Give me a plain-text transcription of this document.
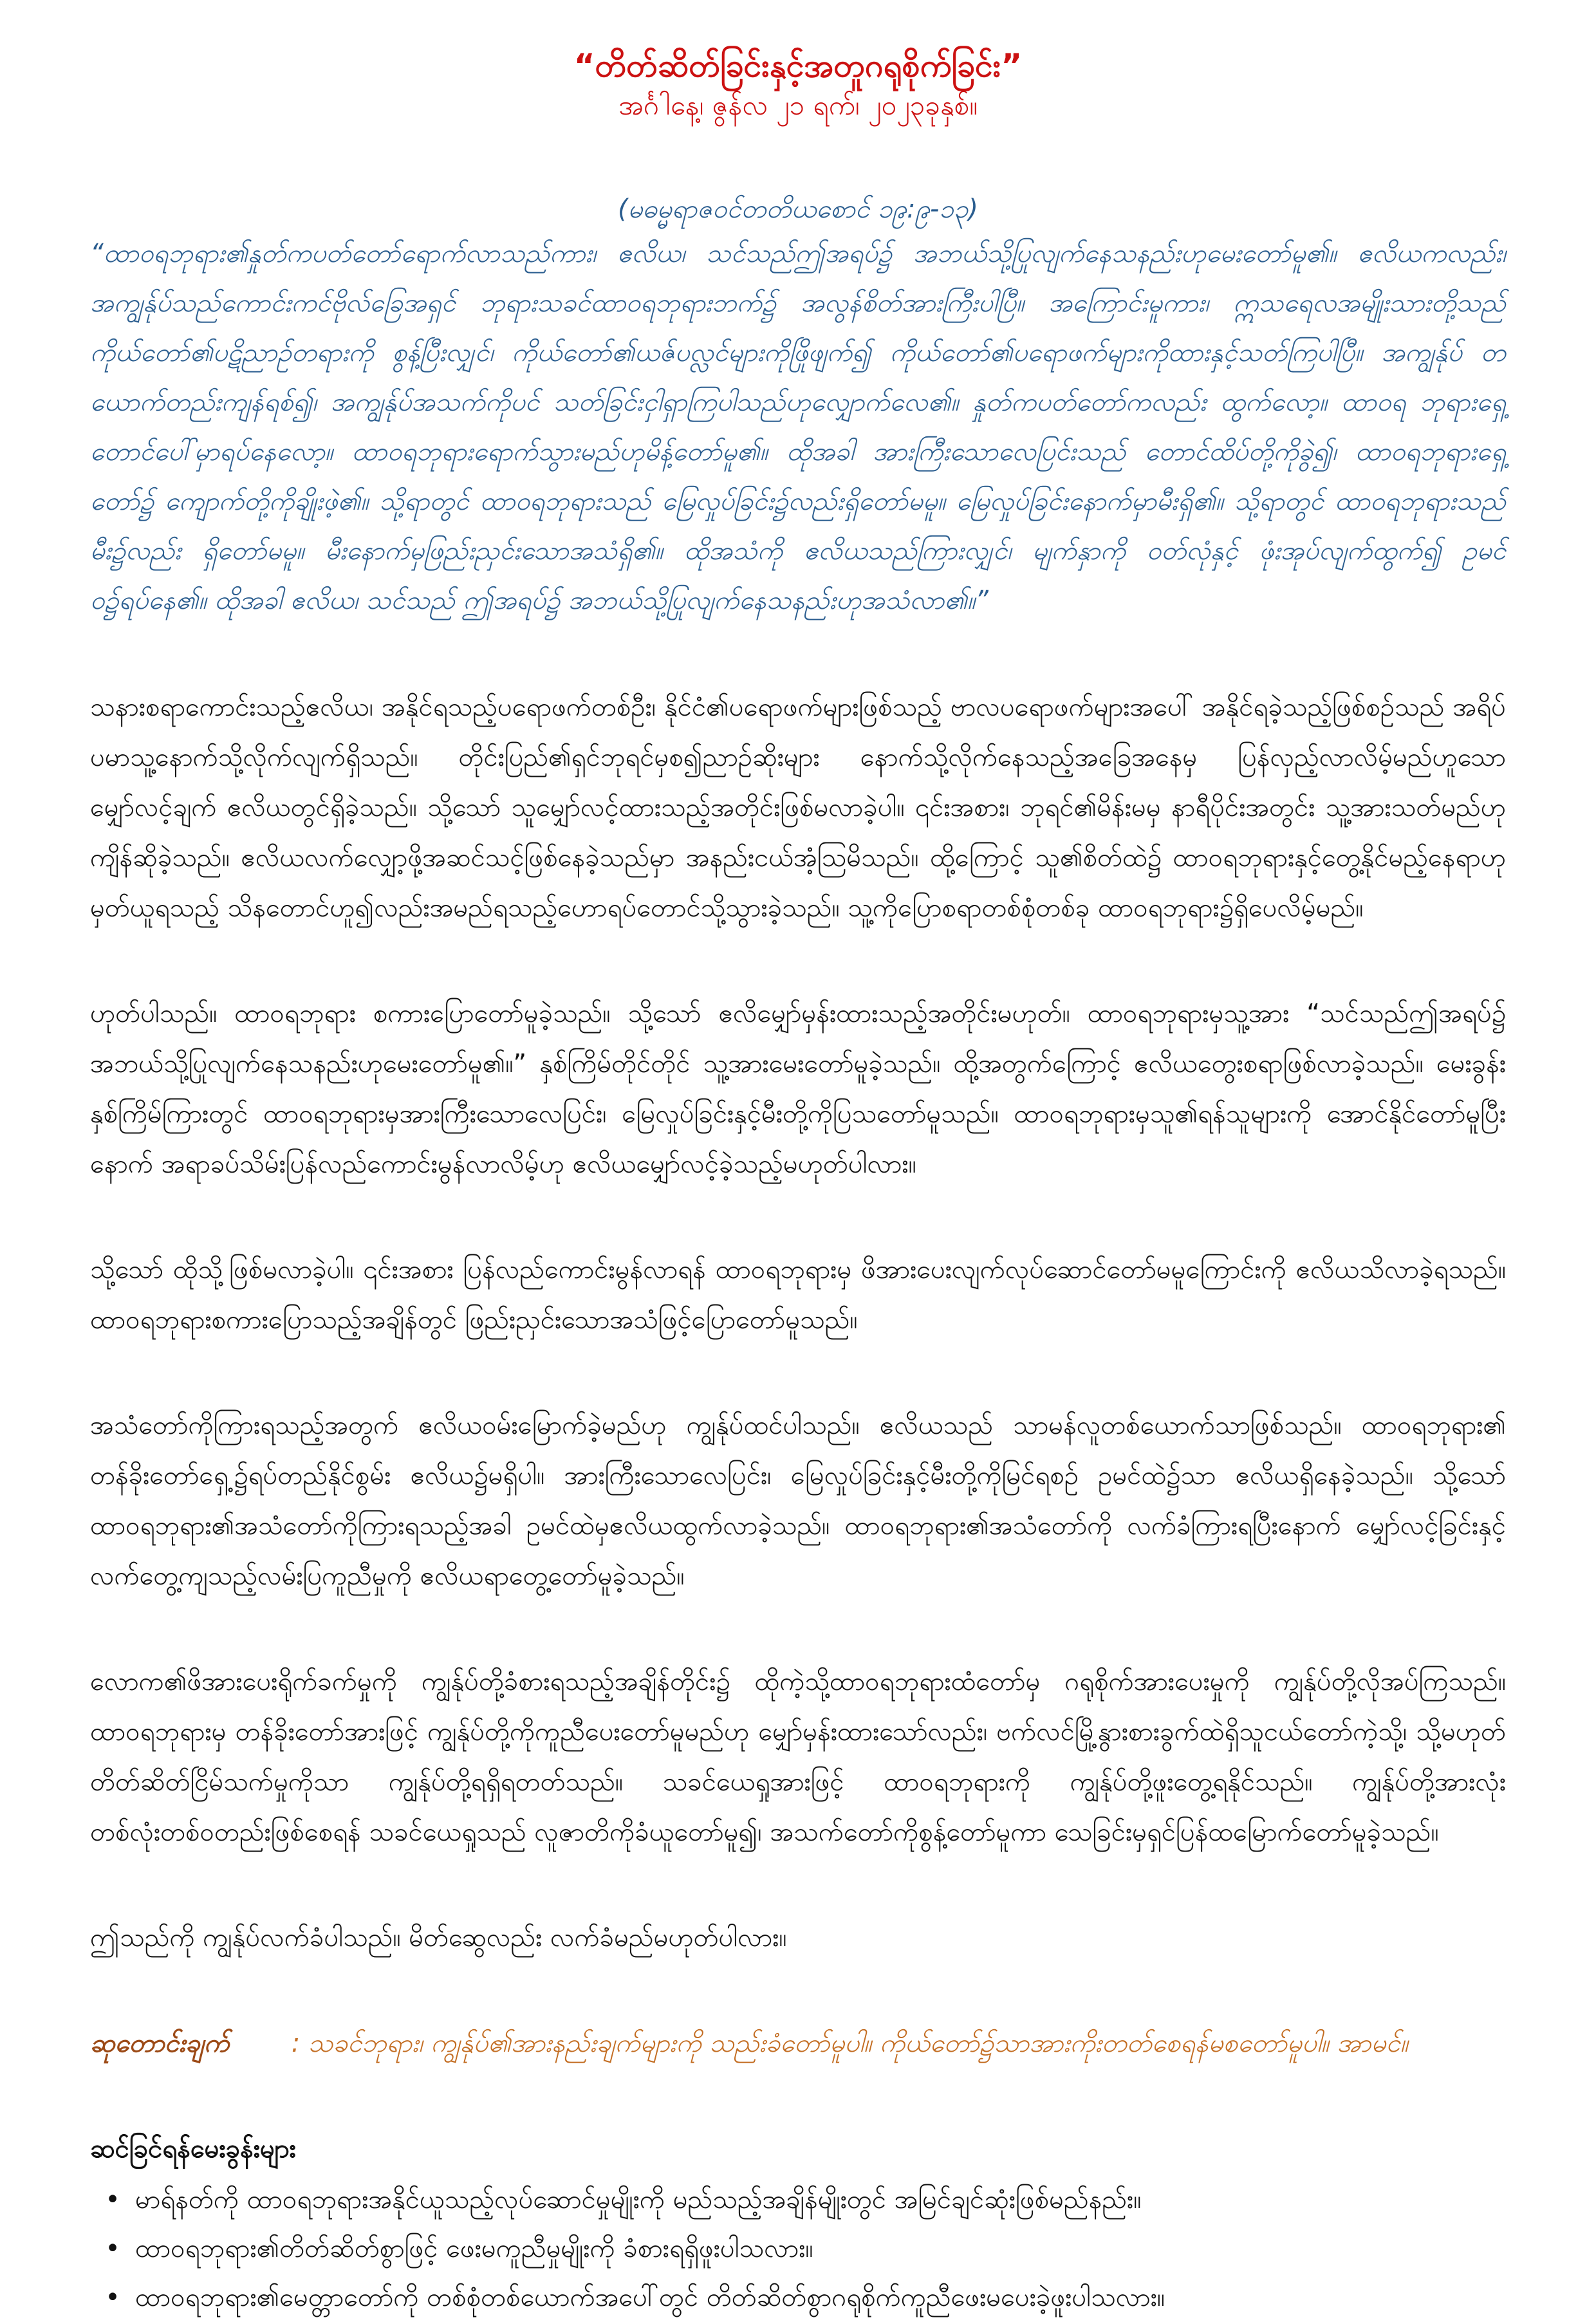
“တိတ်ဆိတ်ခြင်းနှင့်အတူဂရုစိုက်ခြင်း”

အင်္ဂါနေ့၊ ဇွန်လ ၂၁ ရက်၊ ၂၀၂၃ခုနှစ်။

(မဓမ္မရာဇဝင်တတိယစောင် ၁၉:၉-၁၃)

“ထာဝရဘုရား၏နှုတ်ကပတ်တော်ရောက်လာသည်ကား၊ ဧလိယ၊ သင်သည်ဤအရပ်၌ အဘယ်သို့ပြုလျက်နေသနည်းဟုမေးတော်မူ၏။ ဧလိယကလည်း၊ အကျွန်ုပ်သည်ကောင်းကင်ဗိုလ်ခြေအရှင် ဘုရားသခင်ထာဝရဘုရားဘက်၌ အလွန်စိတ်အားကြီးပါပြီ။ အကြောင်းမူကား၊ ဣသရေလအမျိုးသားတို့သည် ကိုယ်တော်၏ပဋိညာဉ်တရားကို စွန့်ပြီးလျှင်၊ ကိုယ်တော်၏ယဇ်ပလ္လင်များကိုဖြိုဖျက်၍ ကိုယ်တော်၏ပရောဖက်များကိုထားနှင့်သတ်ကြပါပြီ။ အကျွန်ုပ် တယောက်တည်းကျန်ရစ်၍၊ အကျွန်ုပ်အသက်ကိုပင် သတ်ခြင်းငှါရှာကြပါသည်ဟုလျှောက်လေ၏။ နှုတ်ကပတ်တော်ကလည်း ထွက်လော့။ ထာဝရ ဘုရားရှေ့တောင်ပေါ်မှာရပ်နေလော့။ ထာဝရဘုရားရောက်သွားမည်ဟုမိန့်တော်မူ၏။ ထိုအခါ အားကြီးသောလေပြင်းသည် တောင်ထိပ်တို့ကိုခွဲ၍၊ ထာဝရဘုရားရှေ့တော်၌ ကျောက်တို့ကိုချိုးဖဲ့၏။ သို့ရာတွင် ထာဝရဘုရားသည် မြေလှုပ်ခြင်း၌လည်းရှိတော်မမူ။ မြေလှုပ်ခြင်းနောက်မှာမီးရှိ၏။ သို့ရာတွင် ထာဝရဘုရားသည်မီး၌လည်း ရှိတော်မမူ။ မီးနောက်မှဖြည်းညှင်းသောအသံရှိ၏။ ထိုအသံကို ဧလိယသည်ကြားလျှင်၊ မျက်နှာကို ဝတ်လုံနှင့် ဖုံးအုပ်လျက်ထွက်၍ ဥမင်ဝ၌ရပ်နေ၏။ ထိုအခါ ဧလိယ၊ သင်သည် ဤအရပ်၌ အဘယ်သို့ပြုလျက်နေသနည်းဟုအသံလာ၏။”

သနားစရာကောင်းသည့်ဧလိယ၊ အနိုင်ရသည့်ပရောဖက်တစ်ဦး၊ နိုင်ငံ၏ပရောဖက်များဖြစ်သည့် ဗာလပရောဖက်များအပေါ် အနိုင်ရခဲ့သည့်ဖြစ်စဉ်သည် အရိပ်ပမာသူ့နောက်သို့လိုက်လျက်ရှိသည်။ တိုင်းပြည်၏ရှင်ဘုရင်မှစ၍ညာဉ်ဆိုးများ နောက်သို့လိုက်နေသည့်အခြေအနေမှ ပြန်လှည့်လာလိမ့်မည်ဟူသော မျှော်လင့်ချက် ဧလိယတွင်ရှိခဲ့သည်။ သို့သော် သူမျှော်လင့်ထားသည့်အတိုင်းဖြစ်မလာခဲ့ပါ။ ၎င်းအစား၊ ဘုရင်၏မိန်းမမှ နာရီပိုင်းအတွင်း သူ့အားသတ်မည်ဟုကျိန်ဆိုခဲ့သည်။ ဧလိယလက်လျှော့ဖို့အဆင်သင့်ဖြစ်နေခဲ့သည်မှာ အနည်းငယ်အံ့ဩမိသည်။ ထို့ကြောင့် သူ၏စိတ်ထဲ၌ ထာဝရဘုရားနှင့်တွေ့နိုင်မည့်နေရာဟုမှတ်ယူရသည့် သိနတောင်ဟူ၍လည်းအမည်ရသည့်ဟောရပ်တောင်သို့သွားခဲ့သည်။ သူ့ကိုပြောစရာတစ်စုံတစ်ခု ထာဝရဘုရား၌ရှိပေလိမ့်မည်။

ဟုတ်ပါသည်။ ထာဝရဘုရား စကားပြောတော်မူခဲ့သည်။ သို့သော် ဧလိမျှော်မှန်းထားသည့်အတိုင်းမဟုတ်။ ထာဝရဘုရားမှသူ့အား “သင်သည်ဤအရပ်၌ အဘယ်သို့ပြုလျက်နေသနည်းဟုမေးတော်မူ၏။” နှစ်ကြိမ်တိုင်တိုင် သူ့အားမေးတော်မူခဲ့သည်။ ထို့အတွက်ကြောင့် ဧလိယတွေးစရာဖြစ်လာခဲ့သည်။ မေးခွန်းနှစ်ကြိမ်ကြားတွင် ထာဝရဘုရားမှအားကြီးသောလေပြင်း၊ မြေလှုပ်ခြင်းနှင့်မီးတို့ကိုပြသတော်မူသည်။ ထာဝရဘုရားမှသူ၏ရန်သူများကို အောင်နိုင်တော်မူပြီးနောက် အရာခပ်သိမ်းပြန်လည်ကောင်းမွန်လာလိမ့်ဟု ဧလိယမျှော်လင့်ခဲ့သည့်မဟုတ်ပါလား။

သို့သော် ထိုသို့ဖြစ်မလာခဲ့ပါ။ ၎င်းအစား ပြန်လည်ကောင်းမွန်လာရန် ထာဝရဘုရားမှ ဖိအားပေးလျက်လုပ်ဆောင်တော်မမူကြောင်းကို ဧလိယသိလာခဲ့ရသည်။ ထာဝရဘုရားစကားပြောသည့်အချိန်တွင် ဖြည်းညှင်းသောအသံဖြင့်ပြောတော်မူသည်။

အသံတော်ကိုကြားရသည့်အတွက် ဧလိယဝမ်းမြောက်ခဲ့မည်ဟု ကျွန်ုပ်ထင်ပါသည်။ ဧလိယသည် သာမန်လူတစ်ယောက်သာဖြစ်သည်။ ထာဝရဘုရား၏ တန်ခိုးတော်ရှေ့၌ရပ်တည်နိုင်စွမ်း ဧလိယ၌မရှိပါ။ အားကြီးသောလေပြင်း၊ မြေလှုပ်ခြင်းနှင့်မီးတို့ကိုမြင်ရစဉ် ဥမင်ထဲ၌သာ ဧလိယရှိနေခဲ့သည်။ သို့သော် ထာဝရဘုရား၏အသံတော်ကိုကြားရသည့်အခါ ဥမင်ထဲမှဧလိယထွက်လာခဲ့သည်။ ထာဝရဘုရား၏အသံတော်ကို လက်ခံကြားရပြီးနောက် မျှော်လင့်ခြင်းနှင့်လက်တွေ့ကျသည့်လမ်းပြကူညီမှုကို ဧလိယရာတွေ့တော်မူခဲ့သည်။

လောက၏ဖိအားပေးရိုက်ခက်မှုကို ကျွန်ုပ်တို့ခံစားရသည့်အချိန်တိုင်း၌ ထိုကဲ့သို့ထာဝရဘုရားထံတော်မှ ဂရုစိုက်အားပေးမှုကို ကျွန်ုပ်တို့လိုအပ်ကြသည်။ ထာဝရဘုရားမှ တန်ခိုးတော်အားဖြင့် ကျွန်ုပ်တို့ကိုကူညီပေးတော်မူမည်ဟု မျှော်မှန်းထားသော်လည်း၊ ဗက်လင်မြို့နွားစားခွက်ထဲရှိသူငယ်တော်ကဲ့သို့၊ သို့မဟုတ် တိတ်ဆိတ်ငြိမ်သက်မှုကိုသာ ကျွန်ုပ်တို့ရရှိရတတ်သည်။ သခင်ယေရှုအားဖြင့် ထာဝရဘုရားကို ကျွန်ုပ်တို့ဖူးတွေ့ရနိုင်သည်။ ကျွန်ုပ်တို့အားလုံး တစ်လုံးတစ်ဝတည်းဖြစ်စေရန် သခင်ယေရှုသည် လူဇာတိကိုခံယူတော်မူ၍၊ အသက်တော်ကိုစွန့်တော်မူကာ သေခြင်းမှရှင်ပြန်ထမြောက်တော်မူခဲ့သည်။

ဤသည်ကို ကျွန်ုပ်လက်ခံပါသည်။ မိတ်ဆွေလည်း လက်ခံမည်မဟုတ်ပါလား။

ဆုတောင်းချက် : သခင်ဘုရား၊ ကျွန်ုပ်၏အားနည်းချက်များကို သည်းခံတော်မူပါ။ ကိုယ်တော်၌သာအားကိုးတတ်စေရန်မစတော်မူပါ။ အာမင်။

ဆင်ခြင်ရန်မေးခွန်းများ

• မာရ်နတ်ကို ထာဝရဘုရားအနိုင်ယူသည့်လုပ်ဆောင်မှုမျိုးကို မည်သည့်အချိန်မျိုးတွင် အမြင်ချင်ဆုံးဖြစ်မည်နည်း။
• ထာဝရဘုရား၏တိတ်ဆိတ်စွာဖြင့် ဖေးမကူညီမှုမျိုးကို ခံစားရရှိဖူးပါသလား။
• ထာဝရဘုရား၏မေတ္တာတော်ကို တစ်စုံတစ်ယောက်အပေါ်တွင် တိတ်ဆိတ်စွာဂရုစိုက်ကူညီဖေးမပေးခဲ့ဖူးပါသလား။
